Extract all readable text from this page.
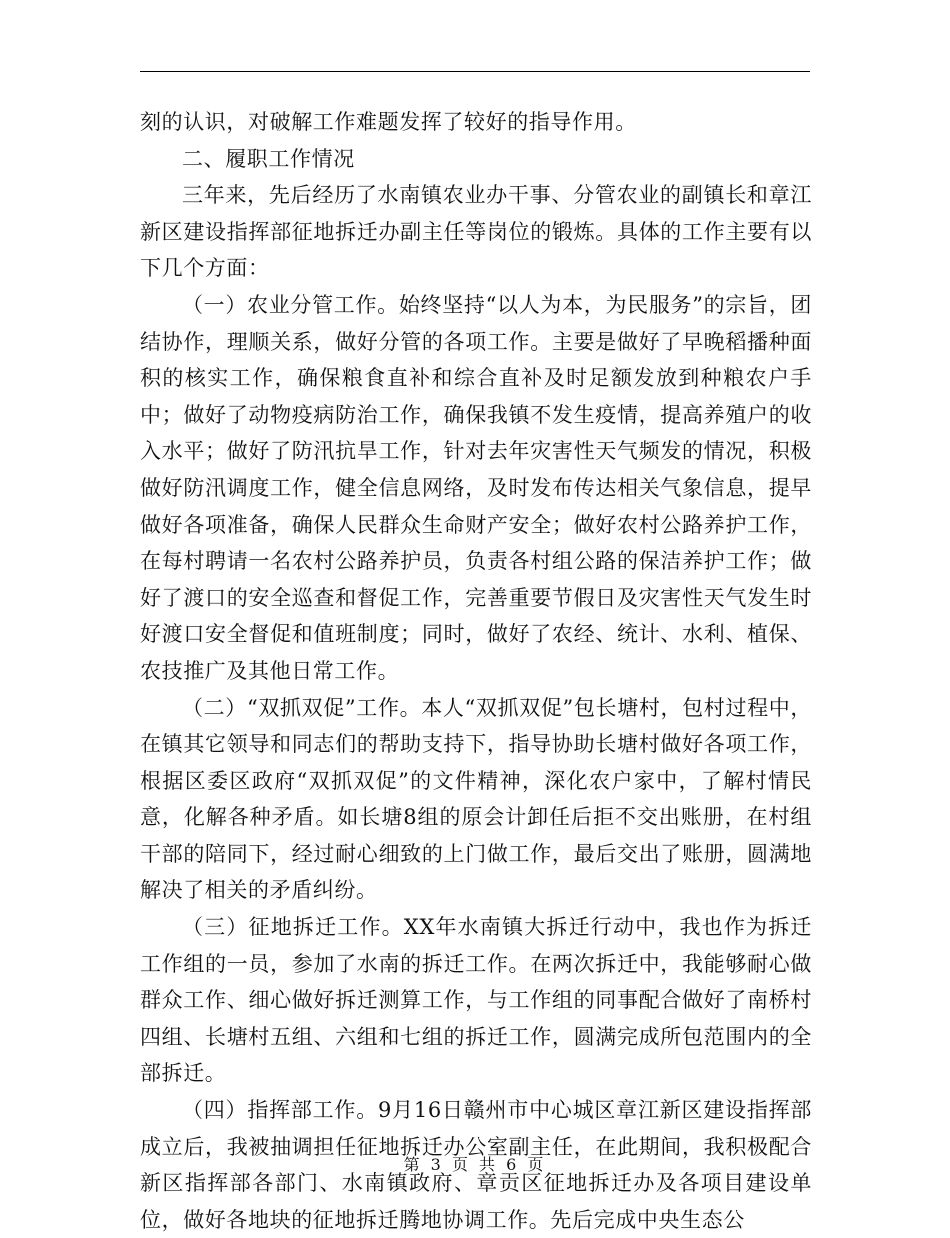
刻的认识，对破解工作难题发挥了较好的指导作用。

二、履职工作情况

三年来，先后经历了水南镇农业办干事、分管农业的副镇长和章江新区建设指挥部征地拆迁办副主任等岗位的锻炼。具体的工作主要有以下几个方面：

（一）农业分管工作。始终坚持“以人为本，为民服务”的宗旨，团结协作，理顺关系，做好分管的各项工作。主要是做好了早晚稻播种面积的核实工作，确保粮食直补和综合直补及时足额发放到种粮农户手中；做好了动物疫病防治工作，确保我镇不发生疫情，提高养殖户的收入水平；做好了防汛抗旱工作，针对去年灾害性天气频发的情况，积极做好防汛调度工作，健全信息网络，及时发布传达相关气象信息，提早做好各项准备，确保人民群众生命财产安全；做好农村公路养护工作，在每村聘请一名农村公路养护员，负责各村组公路的保洁养护工作；做好了渡口的安全巡查和督促工作，完善重要节假日及灾害性天气发生时好渡口安全督促和值班制度；同时，做好了农经、统计、水利、植保、农技推广及其他日常工作。

（二）“双抓双促”工作。本人“双抓双促”包长塘村，包村过程中，在镇其它领导和同志们的帮助支持下，指导协助长塘村做好各项工作，根据区委区政府“双抓双促”的文件精神，深化农户家中，了解村情民意，化解各种矛盾。如长塘8组的原会计卸任后拒不交出账册，在村组干部的陪同下，经过耐心细致的上门做工作，最后交出了账册，圆满地解决了相关的矛盾纠纷。

（三）征地拆迁工作。XX年水南镇大拆迁行动中，我也作为拆迁工作组的一员，参加了水南的拆迁工作。在两次拆迁中，我能够耐心做群众工作、细心做好拆迁测算工作，与工作组的同事配合做好了南桥村四组、长塘村五组、六组和七组的拆迁工作，圆满完成所包范围内的全部拆迁。

（四）指挥部工作。9月16日赣州市中心城区章江新区建设指挥部成立后，我被抽调担任征地拆迁办公室副主任，在此期间，我积极配合新区指挥部各部门、水南镇政府、章贡区征地拆迁办及各项目建设单位，做好各地块的征地拆迁腾地协调工作。先后完成中央生态公

第 3 页 共 6 页
